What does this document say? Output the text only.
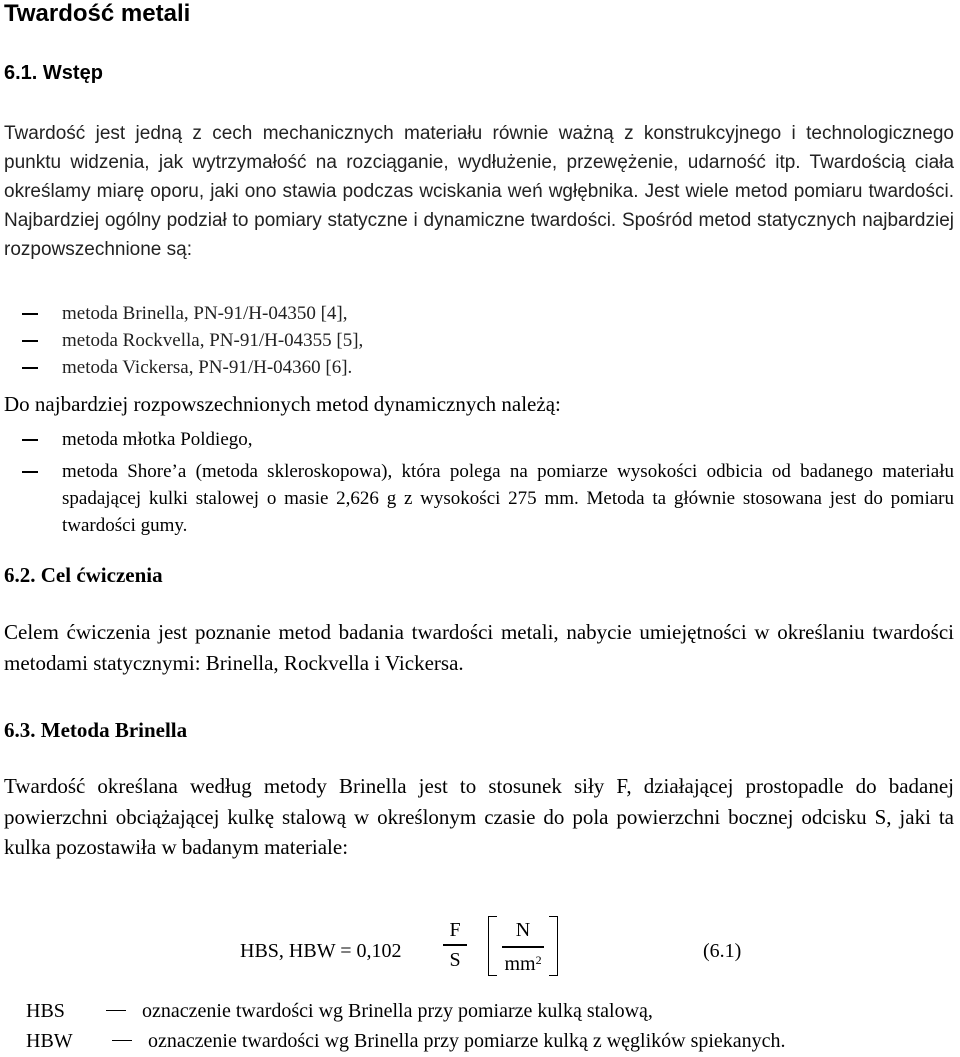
Twardość metali
6.1. Wstęp

Twardość jest jedną z cech mechanicznych materiału równie ważną z konstrukcyjnego i technologicznego punktu widzenia, jak wytrzymałość na rozciąganie, wydłużenie, przewężenie, udarność itp. Twardością ciała określamy miarę oporu, jaki ono stawia podczas wciskania weń wgłębnika. Jest wiele metod pomiaru twardości. Najbardziej ogólny podział to pomiary statyczne i dynamiczne twardości. Spośród metod statycznych najbardziej rozpowszechnione są:

metoda Brinella, PN-91/H-04350 [4],
metoda Rockvella, PN-91/H-04355 [5],
metoda Vickersa, PN-91/H-04360 [6].

Do najbardziej rozpowszechnionych metod dynamicznych należą:

metoda młotka Poldiego,
metoda Shore’a (metoda skleroskopowa), która polega na pomiarze wysokości odbicia od badanego materiału spadającej kulki stalowej o masie 2,626 g z wysokości 275 mm. Metoda ta głównie stosowana jest do pomiaru twardości gumy.
6.2. Cel ćwiczenia

Celem ćwiczenia jest poznanie metod badania twardości metali, nabycie umiejętności w określaniu twardości metodami statycznymi: Brinella, Rockvella i Vickersa.

6.3. Metoda Brinella

Twardość określana według metody Brinella jest to stosunek siły F, działającej prostopadle do badanej powierzchni obciążającej kulkę stalową w określonym czasie do pola powierzchni bocznej odcisku S, jaki ta kulka pozostawiła w badanym materiale:

HBS, HBW = 0,102
F
S
N
$mm^2$	(6.1)
HBS	oznaczenie twardości wg Brinella przy pomiarze kulką stalową,
HBW	oznaczenie twardości wg Brinella przy pomiarze kulką z węglików spiekanych.
